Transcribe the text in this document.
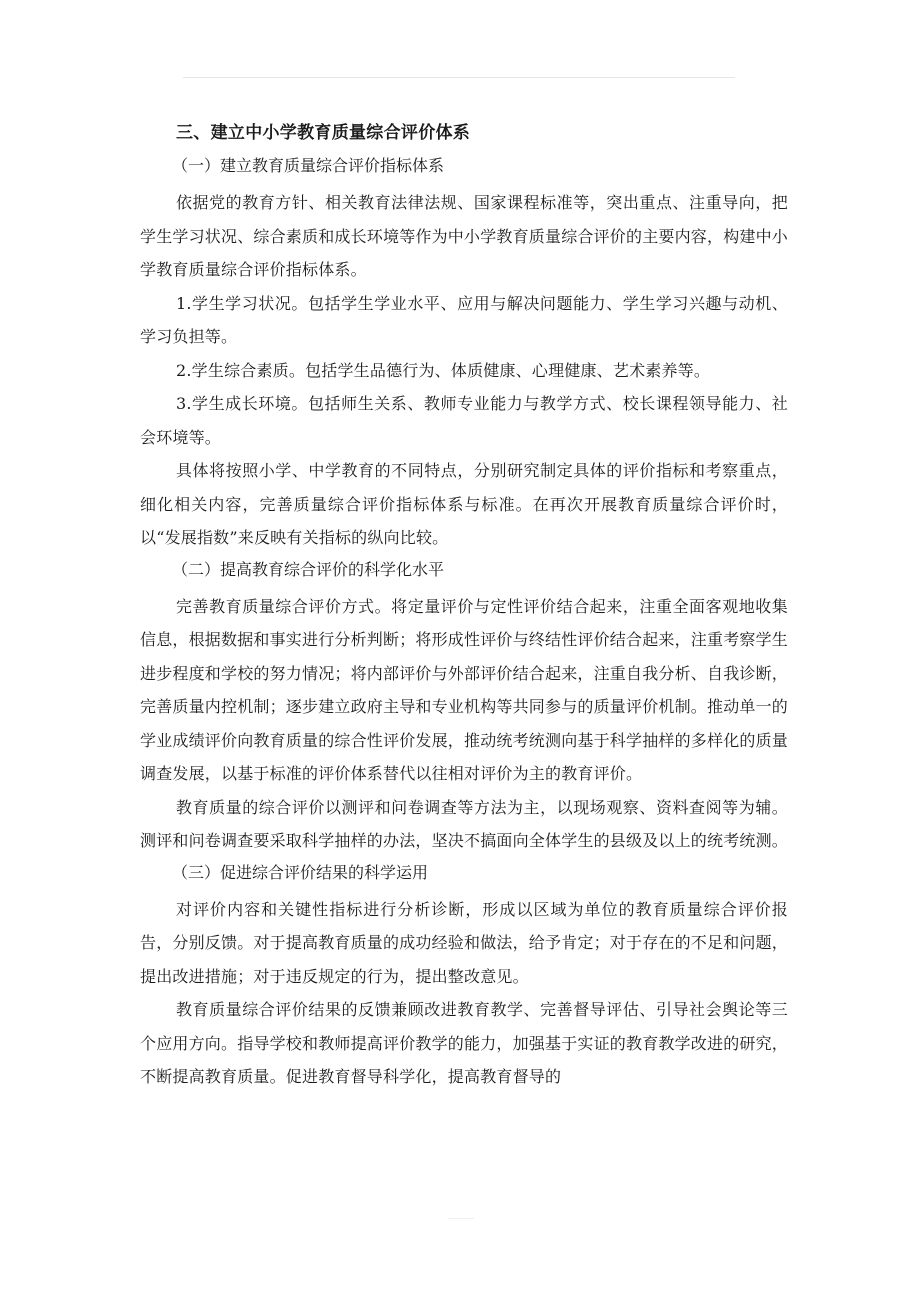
三、建立中小学教育质量综合评价体系
（一）建立教育质量综合评价指标体系

依据党的教育方针、相关教育法律法规、国家课程标准等，突出重点、注重导向，把学生学习状况、综合素质和成长环境等作为中小学教育质量综合评价的主要内容，构建中小学教育质量综合评价指标体系。

1.学生学习状况。包括学生学业水平、应用与解决问题能力、学生学习兴趣与动机、学习负担等。

2.学生综合素质。包括学生品德行为、体质健康、心理健康、艺术素养等。

3.学生成长环境。包括师生关系、教师专业能力与教学方式、校长课程领导能力、社会环境等。

具体将按照小学、中学教育的不同特点，分别研究制定具体的评价指标和考察重点，细化相关内容，完善质量综合评价指标体系与标准。在再次开展教育质量综合评价时，以“发展指数”来反映有关指标的纵向比较。

（二）提高教育综合评价的科学化水平

完善教育质量综合评价方式。将定量评价与定性评价结合起来，注重全面客观地收集信息，根据数据和事实进行分析判断；将形成性评价与终结性评价结合起来，注重考察学生进步程度和学校的努力情况；将内部评价与外部评价结合起来，注重自我分析、自我诊断，完善质量内控机制；逐步建立政府主导和专业机构等共同参与的质量评价机制。推动单一的学业成绩评价向教育质量的综合性评价发展，推动统考统测向基于科学抽样的多样化的质量调查发展，以基于标准的评价体系替代以往相对评价为主的教育评价。

教育质量的综合评价以测评和问卷调查等方法为主，以现场观察、资料查阅等为辅。测评和问卷调查要采取科学抽样的办法，坚决不搞面向全体学生的县级及以上的统考统测。

（三）促进综合评价结果的科学运用

对评价内容和关键性指标进行分析诊断，形成以区域为单位的教育质量综合评价报告，分别反馈。对于提高教育质量的成功经验和做法，给予肯定；对于存在的不足和问题，提出改进措施；对于违反规定的行为，提出整改意见。

教育质量综合评价结果的反馈兼顾改进教育教学、完善督导评估、引导社会舆论等三个应用方向。指导学校和教师提高评价教学的能力，加强基于实证的教育教学改进的研究，不断提高教育质量。促进教育督导科学化，提高教育督导的
